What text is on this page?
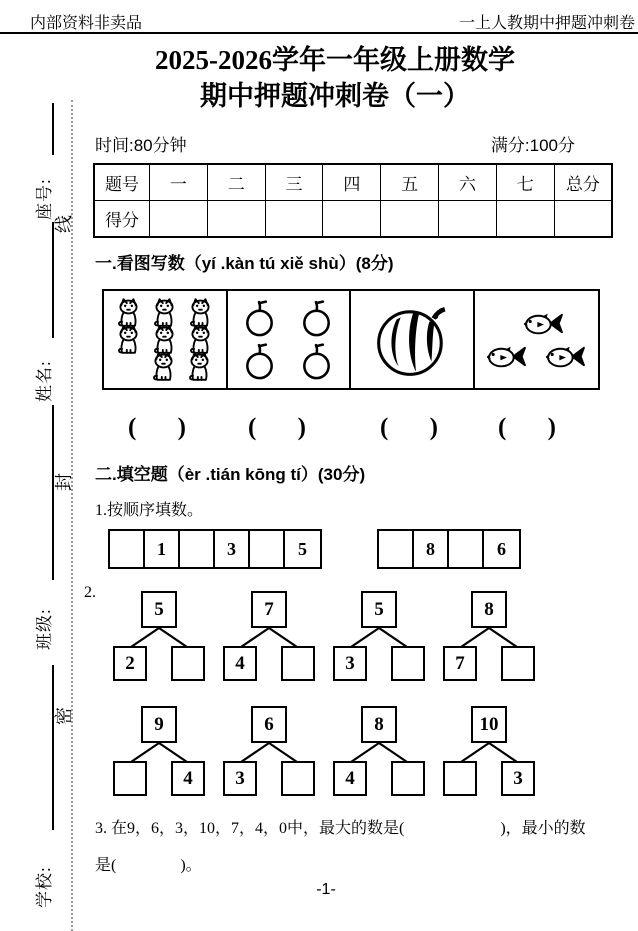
内部资料非卖品	一上人教期中押题冲刺卷
座号:
姓名:
班级:
学校:
线
封
密
2025-2026学年一年级上册数学
期中押题冲刺卷（一）
时间:80分钟	满分:100分
题号	一	二	三	四	五	六	七	总分
得分								
一.看图写数（yí .kàn tú xiě shù）(8分)
( ) ( )	( ) ( )
二.填空题（èr .tián kōng tí）(30分)
1.按顺序填数。
1	3	5	8	6
2.
5
2
7
4
5
3
8
7
9
4
6
3
8
4
10
3
3. 在9，6，3，10，7，4，0中，最大的数是(　　　　　　)，最小的数
是(　　　　)。
-1-
